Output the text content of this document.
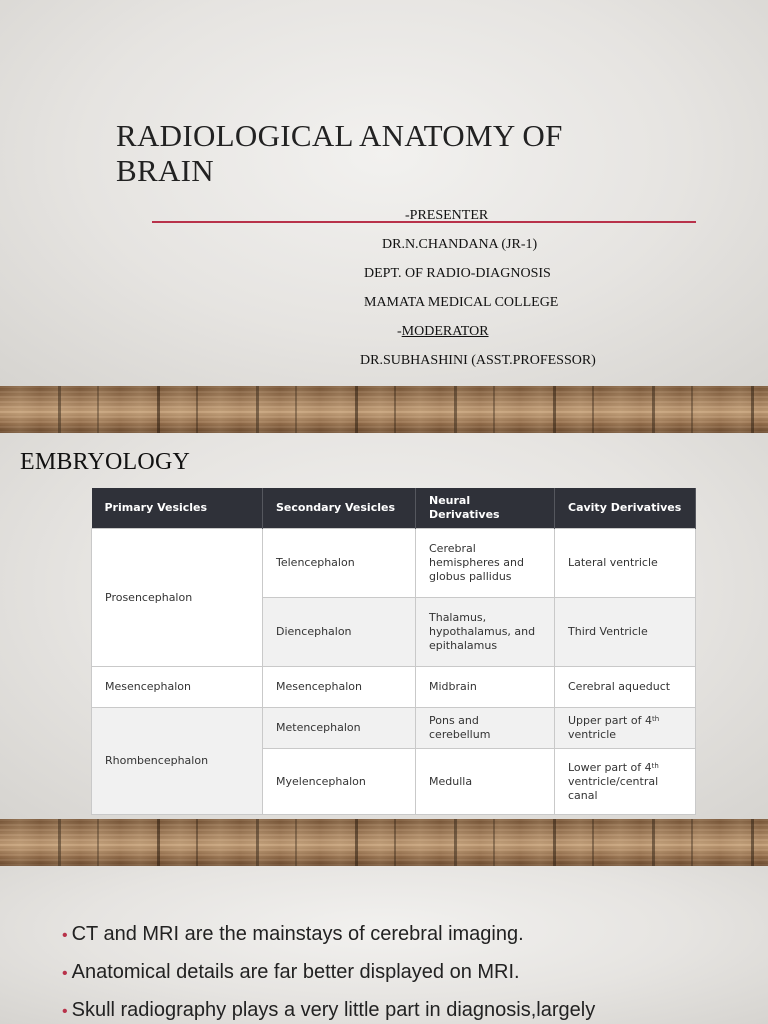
RADIOLOGICAL ANATOMY OF
BRAIN
-PRESENTER
DR.N.CHANDANA (JR-1)
DEPT. OF RADIO-DIAGNOSIS
MAMATA MEDICAL COLLEGE
-MODERATOR
DR.SUBHASHINI (ASST.PROFESSOR)
EMBRYOLOGY
Primary Vesicles	Secondary Vesicles	Neural Derivatives	Cavity Derivatives
Prosencephalon	Telencephalon	Cerebral hemispheres and globus pallidus	Lateral ventricle
	Diencephalon	Thalamus, hypothalamus, and epithalamus	Third Ventricle
Mesencephalon	Mesencephalon	Midbrain	Cerebral aqueduct
Rhombencephalon	Metencephalon	Pons and cerebellum	Upper part of 4th ventricle
	Myelencephalon	Medulla	Lower part of 4th ventricle/central canal
• CT and MRI are the mainstays of cerebral imaging.
• Anatomical details are far better displayed on MRI.
• Skull radiography plays a very little part in diagnosis,largely
